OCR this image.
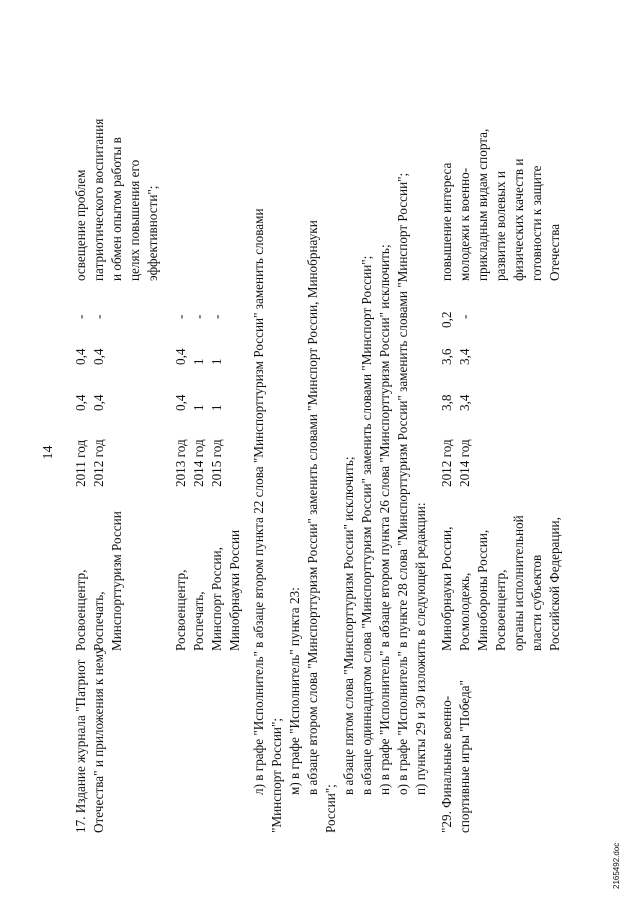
14
17. Издание журнала "Патриот Отечества" и приложения к нему
Росвоенцентр, Роспечать, Минспорттуризм России
2011 год 2012 год
0,4 0,4
0,4 0,4
- -
освещение проблем патриотического воспитания и обмен опытом работы в целях повышения его эффективности";
Росвоенцентр, Роспечать, Минспорт России, Минобрнауки России
2013 год 2014 год 2015 год
0,4 1 1
0,4 1 1
- - - л) в графе "Исполнитель" в абзаце втором пункта 22 слова "Минспорттуризм России" заменить словами "Минспорт России"; м) в графе "Исполнитель" пункта 23: в абзаце втором слова "Минспорттуризм России" заменить словами "Минспорт России, Минобрнауки
России";
в абзаце пятом слова "Минспорттуризм России" исключить; в абзаце одиннадцатом слова "Минспорттуризм России" заменить словами "Минспорт России"; н) в графе "Исполнитель" в абзаце втором пункта 26 слова "Минспорттуризм России" исключить; о) в графе "Исполнитель" в пункте 28 слова "Минспорттуризм России" заменить словами "Минспорт России"; п) пункты 29 и 30 изложить в следующей редакции: "29. Финальные военно- спортивные игры "Победа"
Минобрнауки России, Росмолодежь, Минобороны России, Росвоенцентр, органы исполнительной власти субъектов Российской Федерации,
2012 год 2014 год
3,8 3,4
3,6 3,4
0,2 -
повышение интереса молодежи к военно- прикладным видам спорта, развитие волевых и физических качеств и готовности к защите Отечества
2165492.doc
